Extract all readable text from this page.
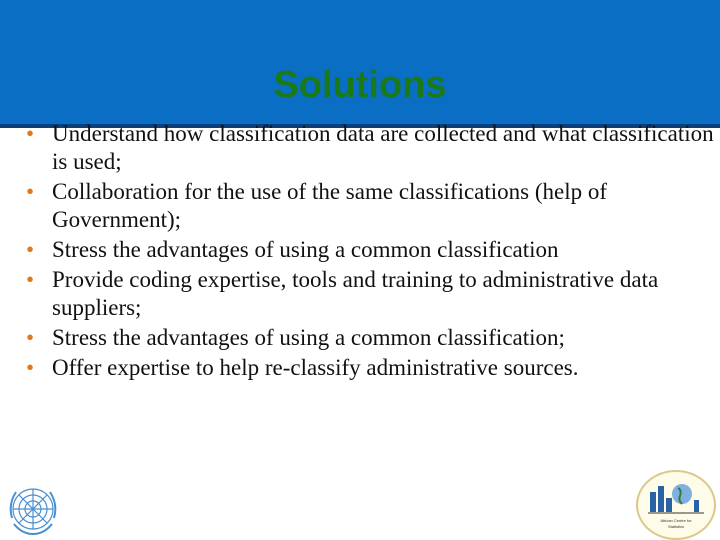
Solutions
• Understand how classification data are collected and what classification is used;
• Collaboration for the use of the same classifications (help of Government);
• Stress the advantages of using a common classification
• Provide coding expertise, tools and training to administrative data suppliers;
• Stress the advantages of using a common classification;
• Offer expertise to help re-classify administrative sources.
African Centre for
Statistics
